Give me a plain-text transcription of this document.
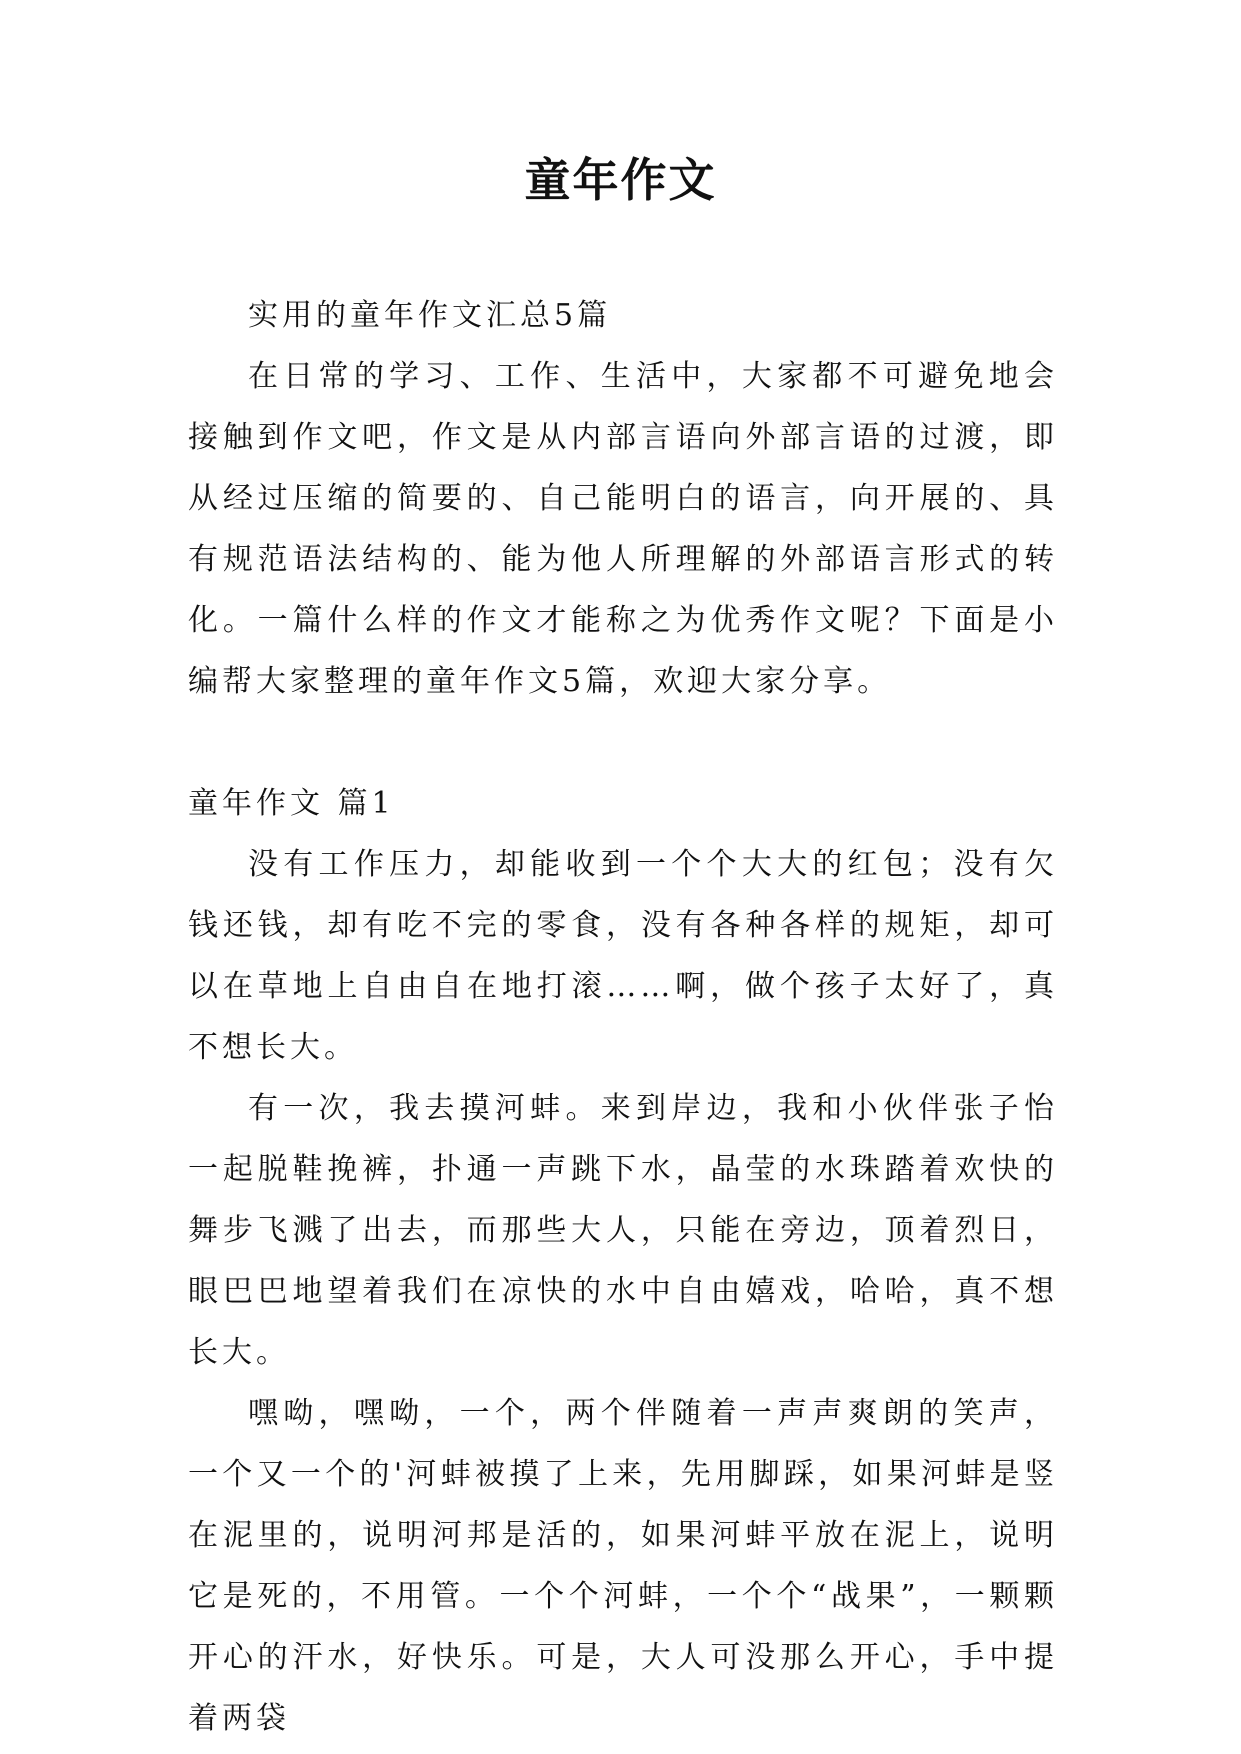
童年作文

实用的童年作文汇总5篇

在日常的学习、工作、生活中，大家都不可避免地会接触到作文吧，作文是从内部言语向外部言语的过渡，即从经过压缩的简要的、自己能明白的语言，向开展的、具有规范语法结构的、能为他人所理解的外部语言形式的转化。一篇什么样的作文才能称之为优秀作文呢？下面是小编帮大家整理的童年作文5篇，欢迎大家分享。

童年作文 篇1

没有工作压力，却能收到一个个大大的红包；没有欠钱还钱，却有吃不完的零食，没有各种各样的规矩，却可以在草地上自由自在地打滚……啊，做个孩子太好了，真不想长大。

有一次，我去摸河蚌。来到岸边，我和小伙伴张子怡一起脱鞋挽裤，扑通一声跳下水，晶莹的水珠踏着欢快的舞步飞溅了出去，而那些大人，只能在旁边，顶着烈日，眼巴巴地望着我们在凉快的水中自由嬉戏，哈哈，真不想长大。

嘿呦，嘿呦，一个，两个伴随着一声声爽朗的笑声，一个又一个的'河蚌被摸了上来，先用脚踩，如果河蚌是竖在泥里的，说明河邦是活的，如果河蚌平放在泥上，说明它是死的，不用管。一个个河蚌，一个个“战果”，一颗颗开心的汗水，好快乐。可是，大人可没那么开心，手中提着两袋
